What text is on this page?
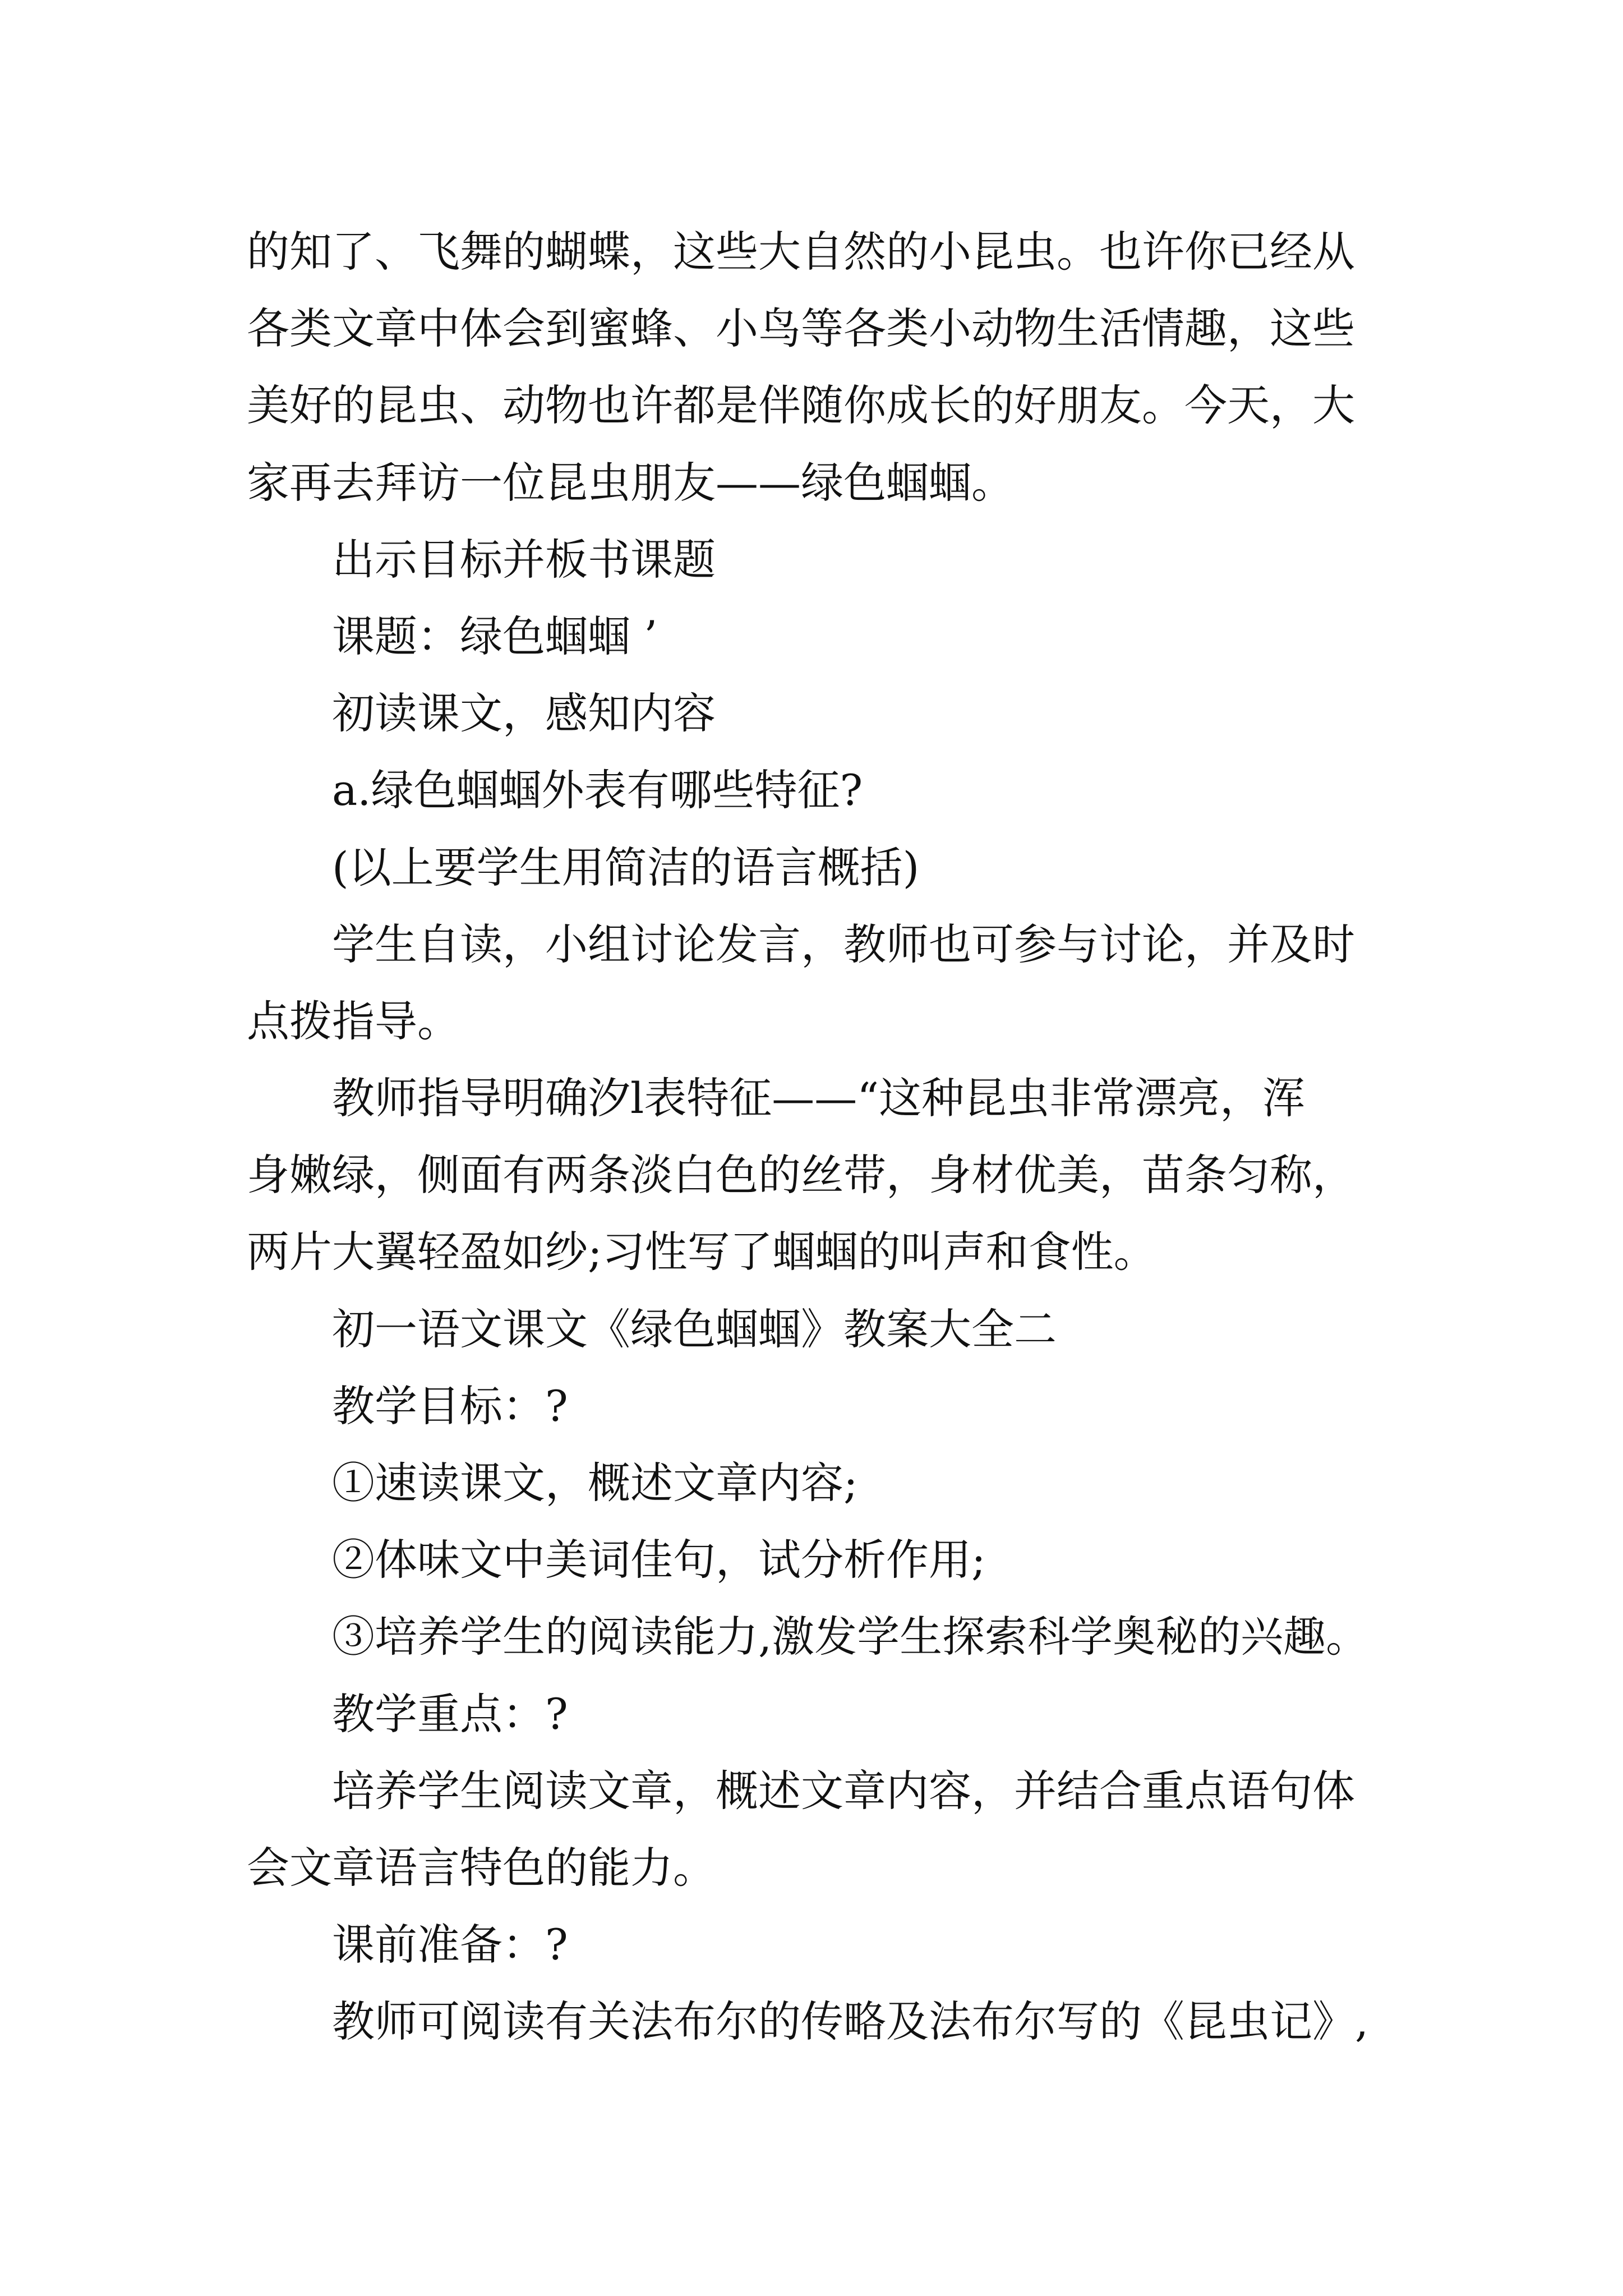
的知了、飞舞的蝴蝶，这些大自然的小昆虫。也许你已经从
各类文章中体会到蜜蜂、小鸟等各类小动物生活情趣，这些
美好的昆虫、动物也许都是伴随你成长的好朋友。今天，大
家再去拜访一位昆虫朋友——绿色蝈蝈。
出示目标并板书课题
课题：绿色蝈蝈 ’
初读课文，感知内容
a.绿色蝈蝈外表有哪些特征?
(以上要学生用简洁的语言概括)
学生自读，小组讨论发言，教师也可参与讨论，并及时
点拨指导。
教师指导明确汐l表特征——“这种昆虫非常漂亮，浑
身嫩绿，侧面有两条淡白色的丝带，身材优美，苗条匀称，
两片大翼轻盈如纱;习性写了蝈蝈的叫声和食性。
初一语文课文《绿色蝈蝈》教案大全二
教学目标：?
①速读课文，概述文章内容;
②体味文中美词佳句，试分析作用;
③培养学生的阅读能力,激发学生探索科学奥秘的兴趣。
教学重点：?
培养学生阅读文章，概述文章内容，并结合重点语句体
会文章语言特色的能力。
课前准备：?
教师可阅读有关法布尔的传略及法布尔写的《昆虫记》,
